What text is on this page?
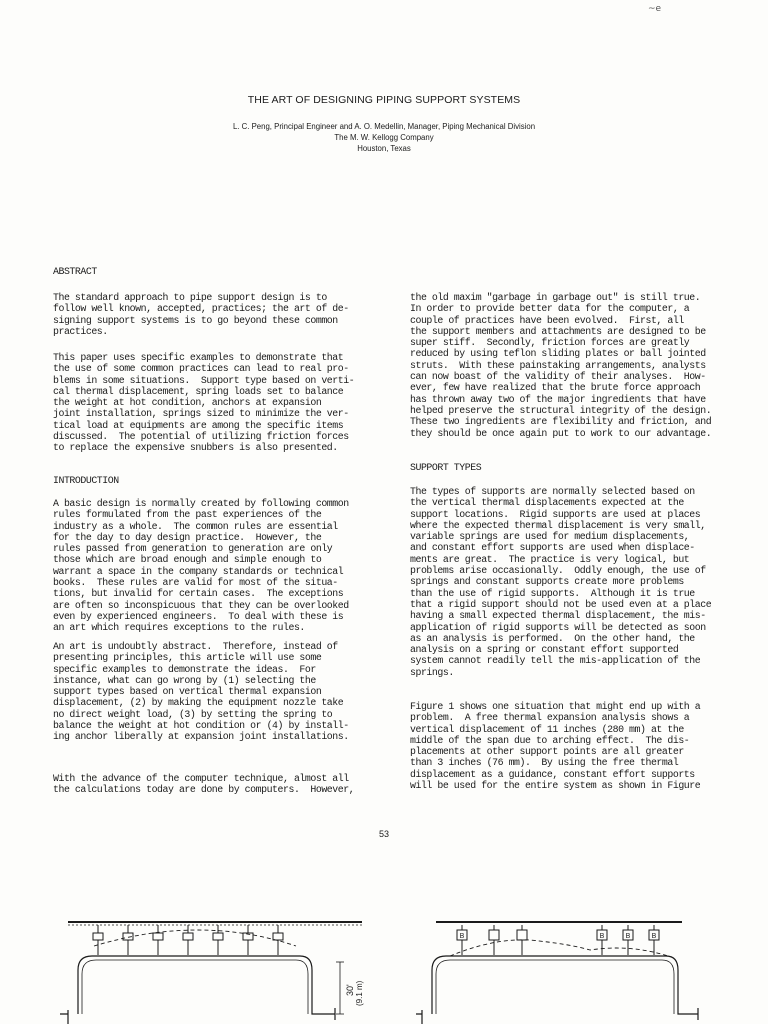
~e
THE ART OF DESIGNING PIPING SUPPORT SYSTEMS
L. C. Peng, Principal Engineer and A. O. Medellin, Manager, Piping Mechanical Division
The M. W. Kellogg Company
Houston, Texas
ABSTRACT
The standard approach to pipe support design is to
follow well known, accepted, practices; the art of de-
signing support systems is to go beyond these common
practices.
This paper uses specific examples to demonstrate that
the use of some common practices can lead to real pro-
blems in some situations.  Support type based on verti-
cal thermal displacement, spring loads set to balance
the weight at hot condition, anchors at expansion
joint installation, springs sized to minimize the ver-
tical load at equipments are among the specific items
discussed.  The potential of utilizing friction forces
to replace the expensive snubbers is also presented.
INTRODUCTION
A basic design is normally created by following common
rules formulated from the past experiences of the
industry as a whole.  The common rules are essential
for the day to day design practice.  However, the
rules passed from generation to generation are only
those which are broad enough and simple enough to
warrant a space in the company standards or technical
books.  These rules are valid for most of the situa-
tions, but invalid for certain cases.  The exceptions
are often so inconspicuous that they can be overlooked
even by experienced engineers.  To deal with these is
an art which requires exceptions to the rules.
An art is undoubtly abstract.  Therefore, instead of
presenting principles, this article will use some
specific examples to demonstrate the ideas.  For
instance, what can go wrong by (1) selecting the
support types based on vertical thermal expansion
displacement, (2) by making the equipment nozzle take
no direct weight load, (3) by setting the spring to
balance the weight at hot condition or (4) by install-
ing anchor liberally at expansion joint installations.
With the advance of the computer technique, almost all
the calculations today are done by computers.  However,
the old maxim "garbage in garbage out" is still true.
In order to provide better data for the computer, a
couple of practices have been evolved.  First, all
the support members and attachments are designed to be
super stiff.  Secondly, friction forces are greatly
reduced by using teflon sliding plates or ball jointed
struts.  With these painstaking arrangements, analysts
can now boast of the validity of their analyses.  How-
ever, few have realized that the brute force approach
has thrown away two of the major ingredients that have
helped preserve the structural integrity of the design.
These two ingredients are flexibility and friction, and
they should be once again put to work to our advantage.
SUPPORT TYPES
The types of supports are normally selected based on
the vertical thermal displacements expected at the
support locations.  Rigid supports are used at places
where the expected thermal displacement is very small,
variable springs are used for medium displacements,
and constant effort supports are used when displace-
ments are great.  The practice is very logical, but
problems arise occasionally.  Oddly enough, the use of
springs and constant supports create more problems
than the use of rigid supports.  Although it is true
that a rigid support should not be used even at a place
having a small expected thermal displacement, the mis-
application of rigid supports will be detected as soon
as an analysis is performed.  On the other hand, the
analysis on a spring or constant effort supported
system cannot readily tell the mis-application of the
springs.
Figure 1 shows one situation that might end up with a
problem.  A free thermal expansion analysis shows a
vertical displacement of 11 inches (280 mm) at the
middle of the span due to arching effect.  The dis-
placements at other support points are all greater
than 3 inches (76 mm).  By using the free thermal
displacement as a guidance, constant effort supports
will be used for the entire system as shown in Figure
53
30' (9.1 m)
B	B	B	B
